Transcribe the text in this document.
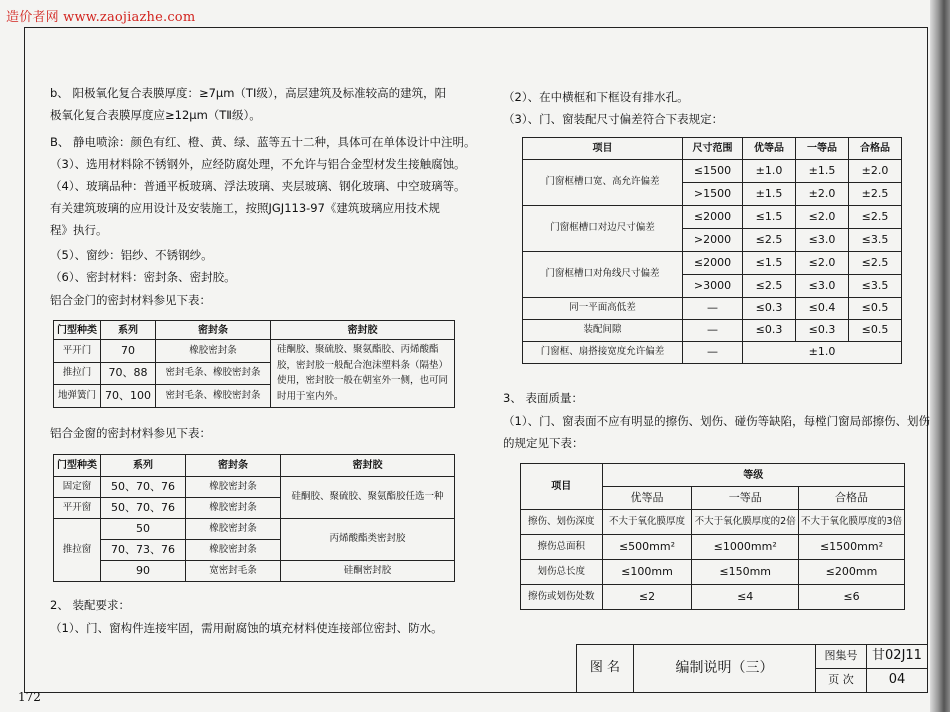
造价者网 www.zaojiazhe.com
172
b、 阳极氧化复合表膜厚度：≥7μm（TⅠ级），高层建筑及标准较高的建筑，阳
极氧化复合表膜厚度应≥12μm（TⅡ级）。
B、 静电喷涂：颜色有红、橙、黄、绿、蓝等五十二种，具体可在单体设计中注明。
（3）、选用材料除不锈钢外，应经防腐处理，不允许与铝合金型材发生接触腐蚀。
（4）、玻璃品种：普通平板玻璃、浮法玻璃、夹层玻璃、钢化玻璃、中空玻璃等。
有关建筑玻璃的应用设计及安装施工，按照JGJ113-97《建筑玻璃应用技术规
程》执行。
（5）、窗纱：铝纱、不锈钢纱。
（6）、密封材料：密封条、密封胶。
铝合金门的密封材料参见下表：
门型种类	系列	密封条	密封胶
平开门	70	橡胶密封条	硅酮胶、聚硫胶、聚氨酯胶、丙烯酸酯胶，密封胶一般配合泡沫塑料条（隔垫）使用，密封胶一般在朝室外一侧，也可同时用于室内外。
推拉门	70、88	密封毛条、橡胶密封条	
地弹簧门	70、100	密封毛条、橡胶密封条	
铝合金窗的密封材料参见下表：
门型种类	系列	密封条	密封胶
固定窗	50、70、76	橡胶密封条	硅酮胶、聚硫胶、聚氨酯胶任选一种
平开窗	50、70、76	橡胶密封条	
推拉窗	50	橡胶密封条	丙烯酸酯类密封胶
	70、73、76	橡胶密封条	
	90	宽密封毛条	硅酮密封胶
2、 装配要求：
（1）、门、窗构件连接牢固，需用耐腐蚀的填充材料使连接部位密封、防水。
（2）、在中横框和下框设有排水孔。
（3）、门、窗装配尺寸偏差符合下表规定：
项目	尺寸范围	优等品	一等品	合格品
门窗框槽口宽、高允许偏差	≤1500	±1.0	±1.5	±2.0
	>1500	±1.5	±2.0	±2.5
门窗框槽口对边尺寸偏差	≤2000	≤1.5	≤2.0	≤2.5
	>2000	≤2.5	≤3.0	≤3.5
门窗框槽口对角线尺寸偏差	≤2000	≤1.5	≤2.0	≤2.5
	>3000	≤2.5	≤3.0	≤3.5
同一平面高低差	—	≤0.3	≤0.4	≤0.5
装配间隙	—	≤0.3	≤0.3	≤0.5
门窗框、扇搭接宽度允许偏差	—	±1.0		
3、 表面质量：
（1）、门、窗表面不应有明显的擦伤、划伤、碰伤等缺陷，每樘门窗局部擦伤、划伤
的规定见下表：
项目	等级		
	优等品	一等品	合格品
擦伤、划伤深度	不大于氧化膜厚度	不大于氧化膜厚度的2倍	不大于氧化膜厚度的3倍
擦伤总面积	≤500mm²	≤1000mm²	≤1500mm²
划伤总长度	≤100mm	≤150mm	≤200mm
擦伤或划伤处数	≤2	≤4	≤6
图 名	编制说明（三）	图集号	甘02J11
		页 次	04
